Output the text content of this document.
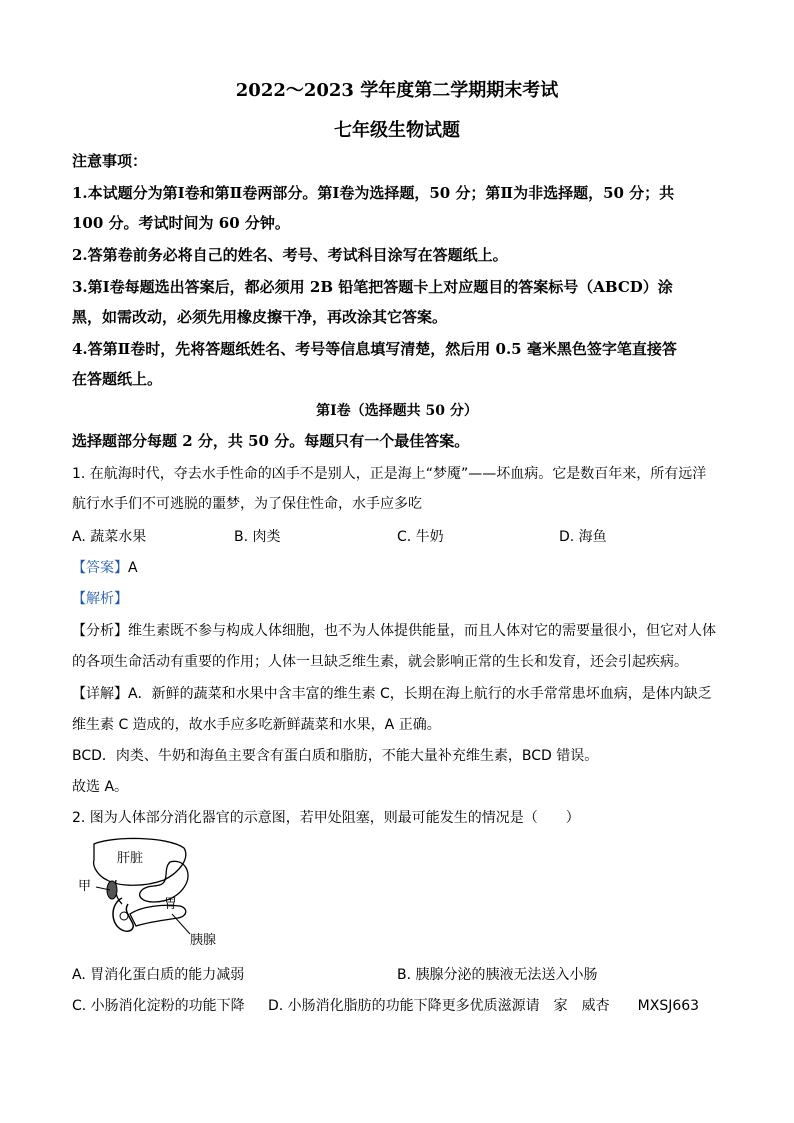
2022～2023 学年度第二学期期末考试
七年级生物试题
注意事项：
1.本试题分为第Ⅰ卷和第Ⅱ卷两部分。第Ⅰ卷为选择题，50 分；第Ⅱ为非选择题，50 分；共
100 分。考试时间为 60 分钟。
2.答第卷前务必将自己的姓名、考号、考试科目涂写在答题纸上。
3.第Ⅰ卷每题选出答案后，都必须用 2B 铅笔把答题卡上对应题目的答案标号（ABCD）涂
黑，如需改动，必须先用橡皮擦干净，再改涂其它答案。
4.答第Ⅱ卷时，先将答题纸姓名、考号等信息填写清楚，然后用 0.5 毫米黑色签字笔直接答
在答题纸上。
第Ⅰ卷（选择题共 50 分）
选择题部分每题 2 分，共 50 分。每题只有一个最佳答案。
1. 在航海时代，夺去水手性命的凶手不是别人，正是海上“梦魇”——坏血病。它是数百年来，所有远洋
航行水手们不可逃脱的噩梦，为了保住性命，水手应多吃
A. 蔬菜水果	B. 肉类	C. 牛奶	D. 海鱼
【答案】A
【解析】
【分析】维生素既不参与构成人体细胞，也不为人体提供能量，而且人体对它的需要量很小，但它对人体
的各项生命活动有重要的作用；人体一旦缺乏维生素，就会影响正常的生长和发育，还会引起疾病。
【详解】A．新鲜的蔬菜和水果中含丰富的维生素 C，长期在海上航行的水手常常患坏血病，是体内缺乏
维生素 C 造成的，故水手应多吃新鲜蔬菜和水果，A 正确。
BCD．肉类、牛奶和海鱼主要含有蛋白质和脂肪，不能大量补充维生素，BCD 错误。
故选 A。
2. 图为人体部分消化器官的示意图，若甲处阻塞，则最可能发生的情况是（　　）
肝脏
胃
甲
胰腺
A. 胃消化蛋白质的能力减弱	B. 胰腺分泌的胰液无法送入小肠
C. 小肠消化淀粉的功能下降 D. 小肠消化脂肪的功能下降更多优质滋源请　家　威杏　　MXSJ663
